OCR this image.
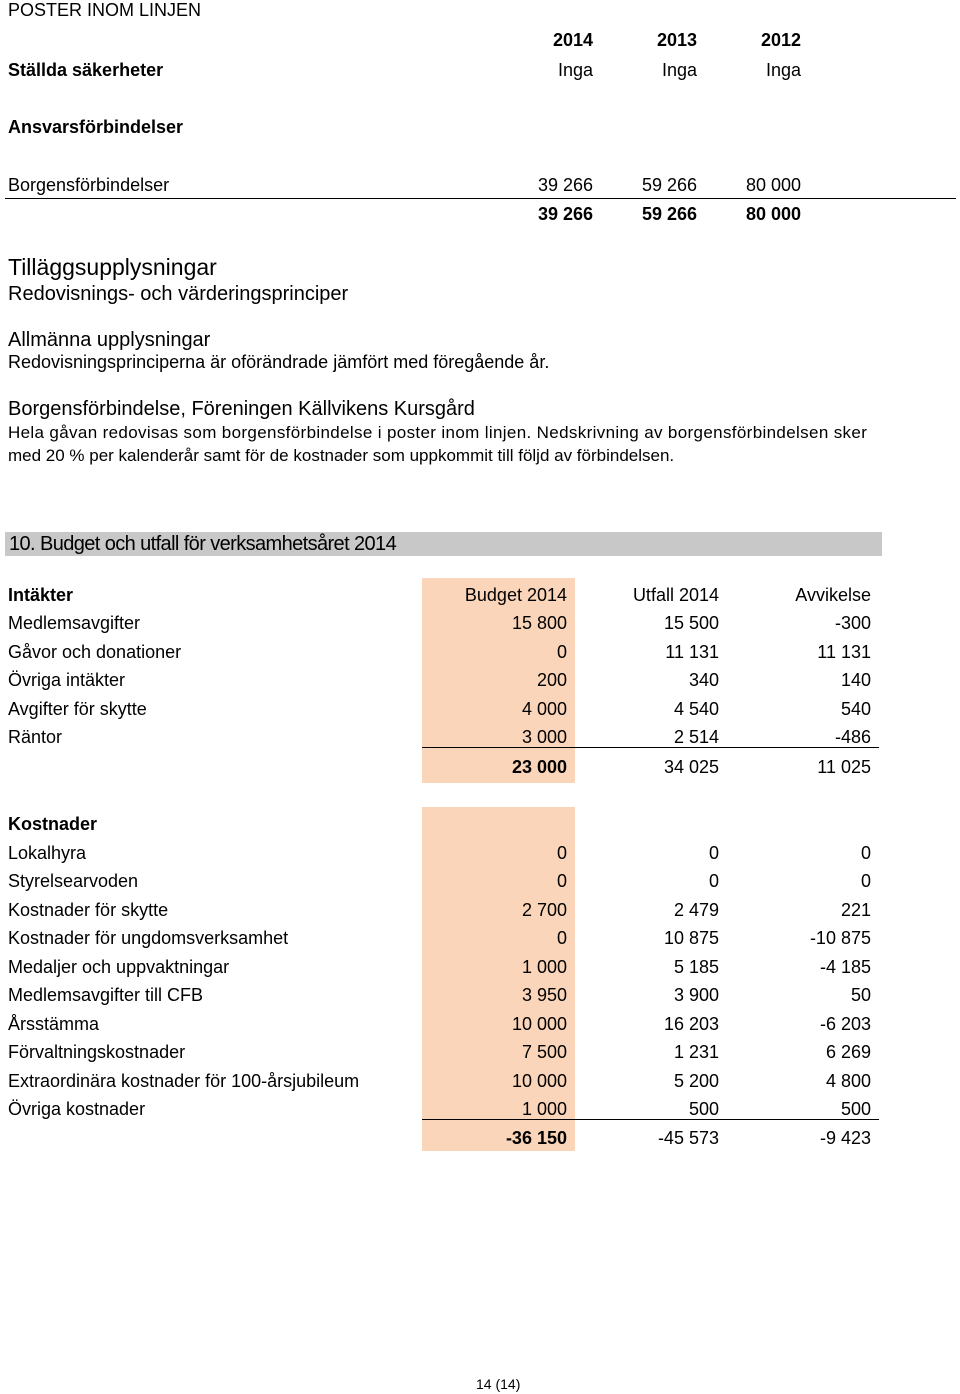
POSTER INOM LINJEN
2014	2013	2012
Ställda säkerheter	Inga	Inga	Inga
Ansvarsförbindelser
Borgensförbindelser	39 266	59 266	80 000
39 266	59 266	80 000
Tilläggsupplysningar
Redovisnings- och värderingsprinciper
Allmänna upplysningar
Redovisningsprinciperna är oförändrade jämfört med föregående år.
Borgensförbindelse, Föreningen Källvikens Kursgård
Hela gåvan redovisas som borgensförbindelse i poster inom linjen. Nedskrivning av borgensförbindelsen sker
med 20 % per kalenderår samt för de kostnader som uppkommit till följd av förbindelsen.
10. Budget och utfall för verksamhetsåret 2014
Intäkter	Budget 2014	Utfall 2014	Avvikelse
Medlemsavgifter	15 800	15 500	-300
Gåvor och donationer	0	11 131	11 131
Övriga intäkter	200	340	140
Avgifter för skytte	4 000	4 540	540
Räntor	3 000	2 514	-486
23 000	34 025	11 025
Kostnader
Lokalhyra	0	0	0
Styrelsearvoden	0	0	0
Kostnader för skytte	2 700	2 479	221
Kostnader för ungdomsverksamhet	0	10 875	-10 875
Medaljer och uppvaktningar	1 000	5 185	-4 185
Medlemsavgifter till CFB	3 950	3 900	50
Årsstämma	10 000	16 203	-6 203
Förvaltningskostnader	7 500	1 231	6 269
Extraordinära kostnader för 100-årsjubileum	10 000	5 200	4 800
Övriga kostnader	1 000	500	500
-36 150	-45 573	-9 423
14 (14)
